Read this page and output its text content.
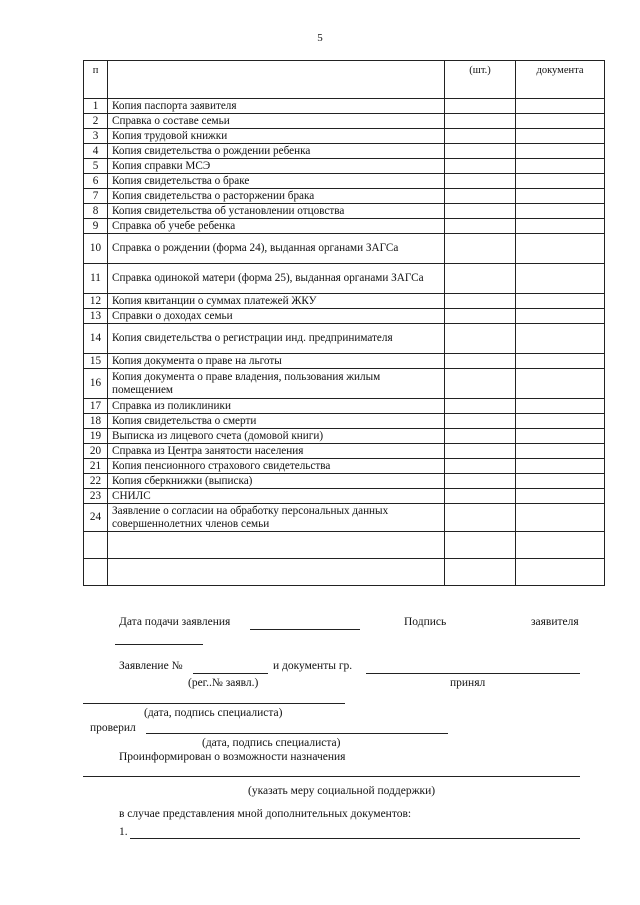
5
п		(шт.)	документа
1	Копия паспорта заявителя		
2	Справка о составе семьи		
3	Копия трудовой книжки		
4	Копия свидетельства о рождении ребенка		
5	Копия справки МСЭ		
6	Копия свидетельства о браке		
7	Копия свидетельства о расторжении брака		
8	Копия свидетельства об установлении отцовства		
9	Справка об учебе ребенка		
10	Справка о рождении (форма 24), выданная органами ЗАГСа		
11	Справка одинокой матери (форма 25), выданная органами ЗАГСа		
12	Копия квитанции о суммах платежей ЖКУ		
13	Справки о доходах семьи		
14	Копия свидетельства о регистрации инд. предпринимателя		
15	Копия документа о праве на льготы		
16	Копия документа о праве владения, пользования жилым помещением		
17	Справка из поликлиники		
18	Копия свидетельства о смерти		
19	Выписка из лицевого счета (домовой книги)		
20	Справка из Центра занятости населения		
21	Копия пенсионного страхового свидетельства		
22	Копия сберкнижки (выписка)		
23	СНИЛС		
24	Заявление о согласии на обработку персональных данных совершеннолетних членов семьи		

Дата подачи заявления	Подпись	заявителя
Заявление №	и документы гр.
(рег..№ заявл.)	принял
(дата, подпись специалиста)
проверил
(дата, подпись специалиста)
Проинформирован о возможности назначения
(указать меру социальной поддержки)
в случае представления мной дополнительных документов:
1.
